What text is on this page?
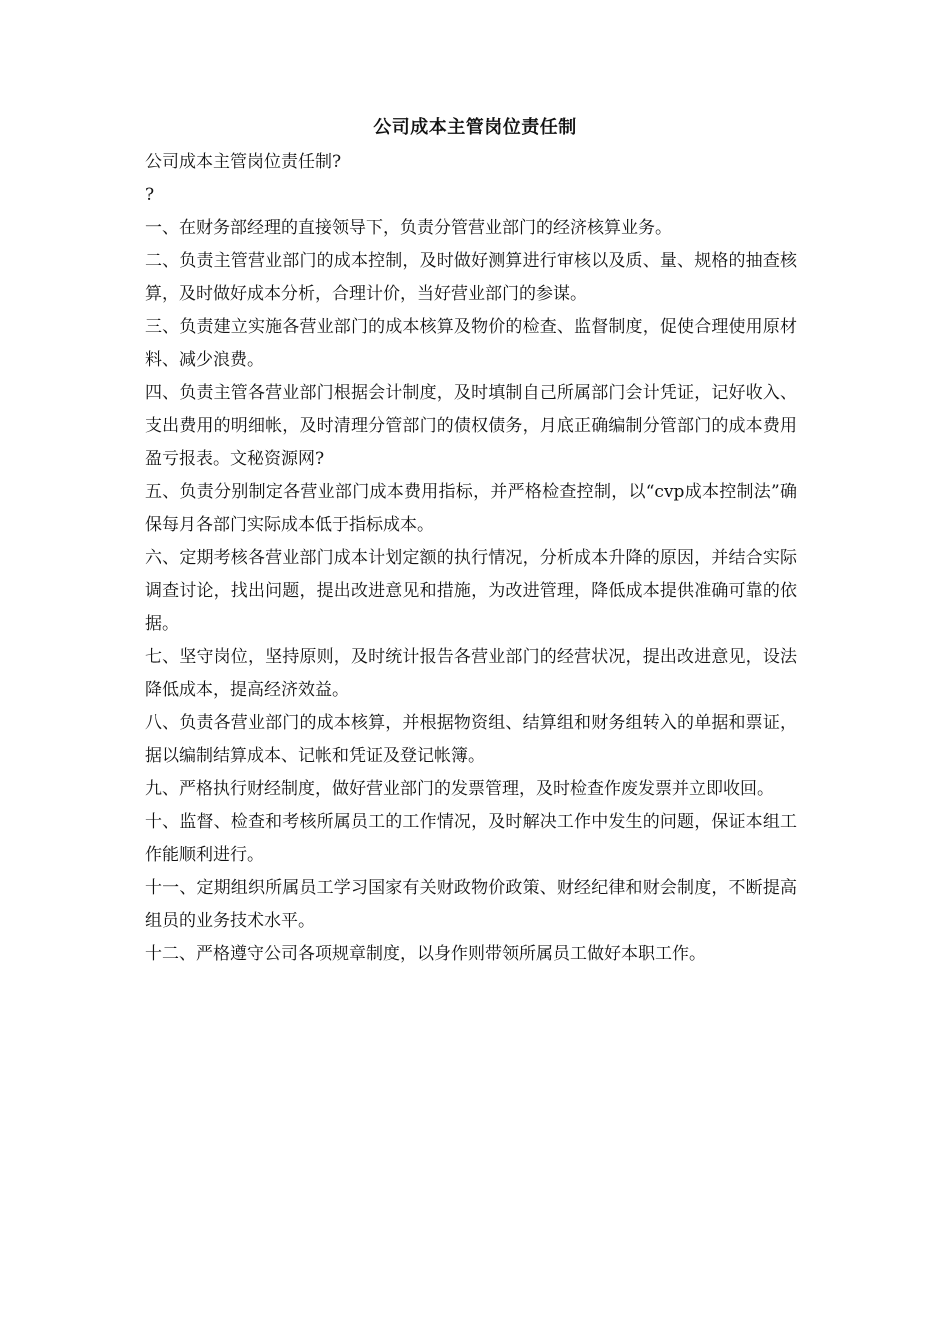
公司成本主管岗位责任制

公司成本主管岗位责任制?

?

一、在财务部经理的直接领导下，负责分管营业部门的经济核算业务。

二、负责主管营业部门的成本控制，及时做好测算进行审核以及质、量、规格的抽查核算，及时做好成本分析，合理计价，当好营业部门的参谋。

三、负责建立实施各营业部门的成本核算及物价的检查、监督制度，促使合理使用原材料、减少浪费。

四、负责主管各营业部门根据会计制度，及时填制自己所属部门会计凭证，记好收入、支出费用的明细帐，及时清理分管部门的债权债务，月底正确编制分管部门的成本费用盈亏报表。文秘资源网?

五、负责分别制定各营业部门成本费用指标，并严格检查控制，以“cvp成本控制法”确保每月各部门实际成本低于指标成本。

六、定期考核各营业部门成本计划定额的执行情况，分析成本升降的原因，并结合实际调查讨论，找出问题，提出改进意见和措施，为改进管理，降低成本提供准确可靠的依据。

七、坚守岗位，坚持原则，及时统计报告各营业部门的经营状况，提出改进意见，设法降低成本，提高经济效益。

八、负责各营业部门的成本核算，并根据物资组、结算组和财务组转入的单据和票证，据以编制结算成本、记帐和凭证及登记帐簿。

九、严格执行财经制度，做好营业部门的发票管理，及时检查作废发票并立即收回。

十、监督、检查和考核所属员工的工作情况，及时解决工作中发生的问题，保证本组工作能顺利进行。

十一、定期组织所属员工学习国家有关财政物价政策、财经纪律和财会制度，不断提高组员的业务技术水平。

十二、严格遵守公司各项规章制度，以身作则带领所属员工做好本职工作。
